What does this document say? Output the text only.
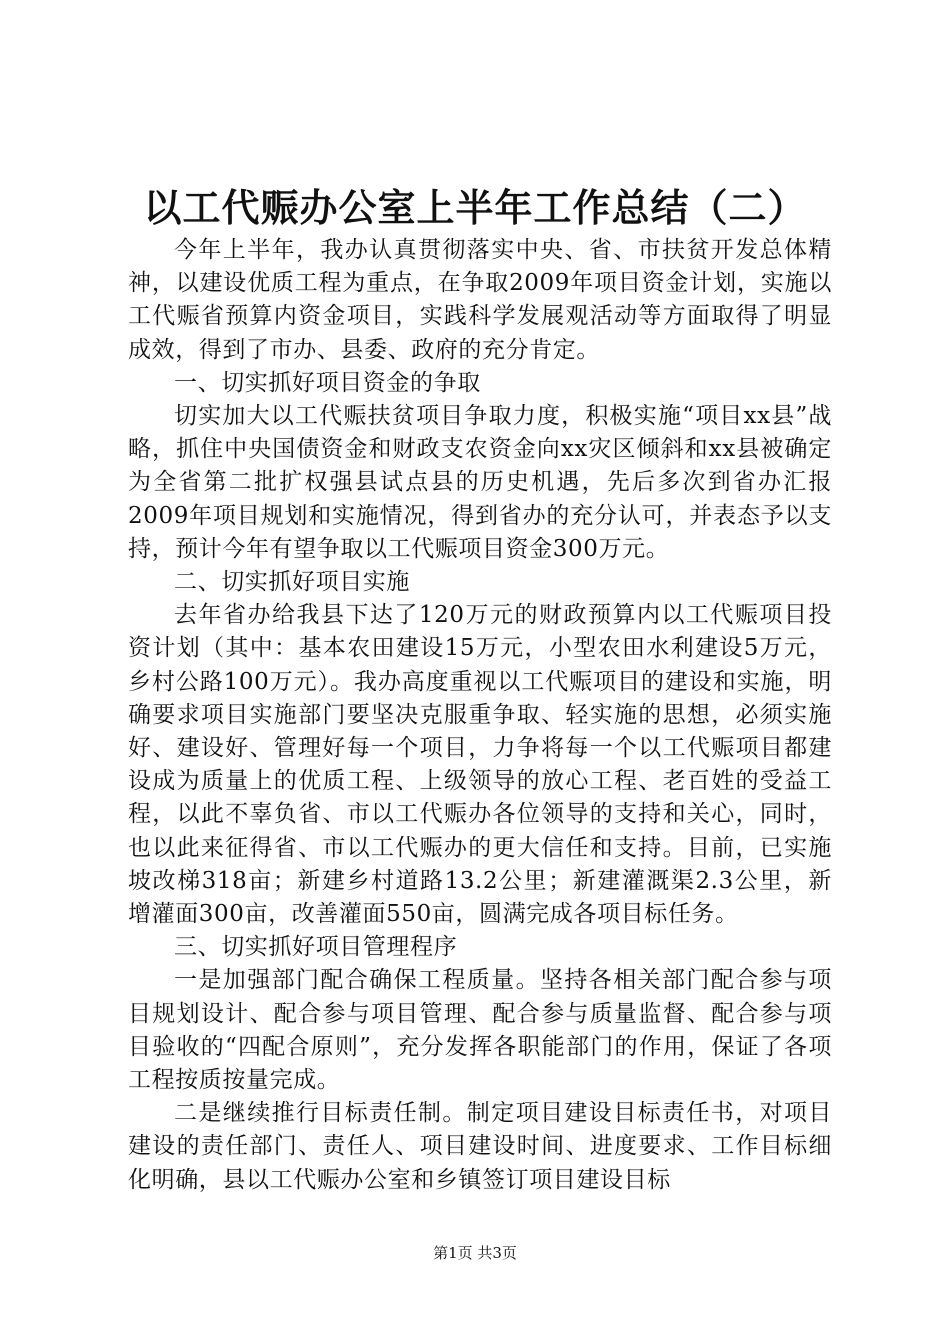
以工代赈办公室上半年工作总结（二）

今年上半年，我办认真贯彻落实中央、省、市扶贫开发总体精神，以建设优质工程为重点，在争取2009年项目资金计划，实施以工代赈省预算内资金项目，实践科学发展观活动等方面取得了明显成效，得到了市办、县委、政府的充分肯定。

一、切实抓好项目资金的争取

切实加大以工代赈扶贫项目争取力度，积极实施“项目xx县”战略，抓住中央国债资金和财政支农资金向xx灾区倾斜和xx县被确定为全省第二批扩权强县试点县的历史机遇，先后多次到省办汇报2009年项目规划和实施情况，得到省办的充分认可，并表态予以支持，预计今年有望争取以工代赈项目资金300万元。

二、切实抓好项目实施

去年省办给我县下达了120万元的财政预算内以工代赈项目投资计划（其中：基本农田建设15万元，小型农田水利建设5万元，乡村公路100万元）。我办高度重视以工代赈项目的建设和实施，明确要求项目实施部门要坚决克服重争取、轻实施的思想，必须实施好、建设好、管理好每一个项目，力争将每一个以工代赈项目都建设成为质量上的优质工程、上级领导的放心工程、老百姓的受益工程，以此不辜负省、市以工代赈办各位领导的支持和关心，同时，也以此来征得省、市以工代赈办的更大信任和支持。目前，已实施坡改梯318亩；新建乡村道路13.2公里；新建灌溉渠2.3公里，新增灌面300亩，改善灌面550亩，圆满完成各项目标任务。

三、切实抓好项目管理程序

一是加强部门配合确保工程质量。坚持各相关部门配合参与项目规划设计、配合参与项目管理、配合参与质量监督、配合参与项目验收的“四配合原则”，充分发挥各职能部门的作用，保证了各项工程按质按量完成。

二是继续推行目标责任制。制定项目建设目标责任书，对项目建设的责任部门、责任人、项目建设时间、进度要求、工作目标细化明确，县以工代赈办公室和乡镇签订项目建设目标

第1页 共3页
